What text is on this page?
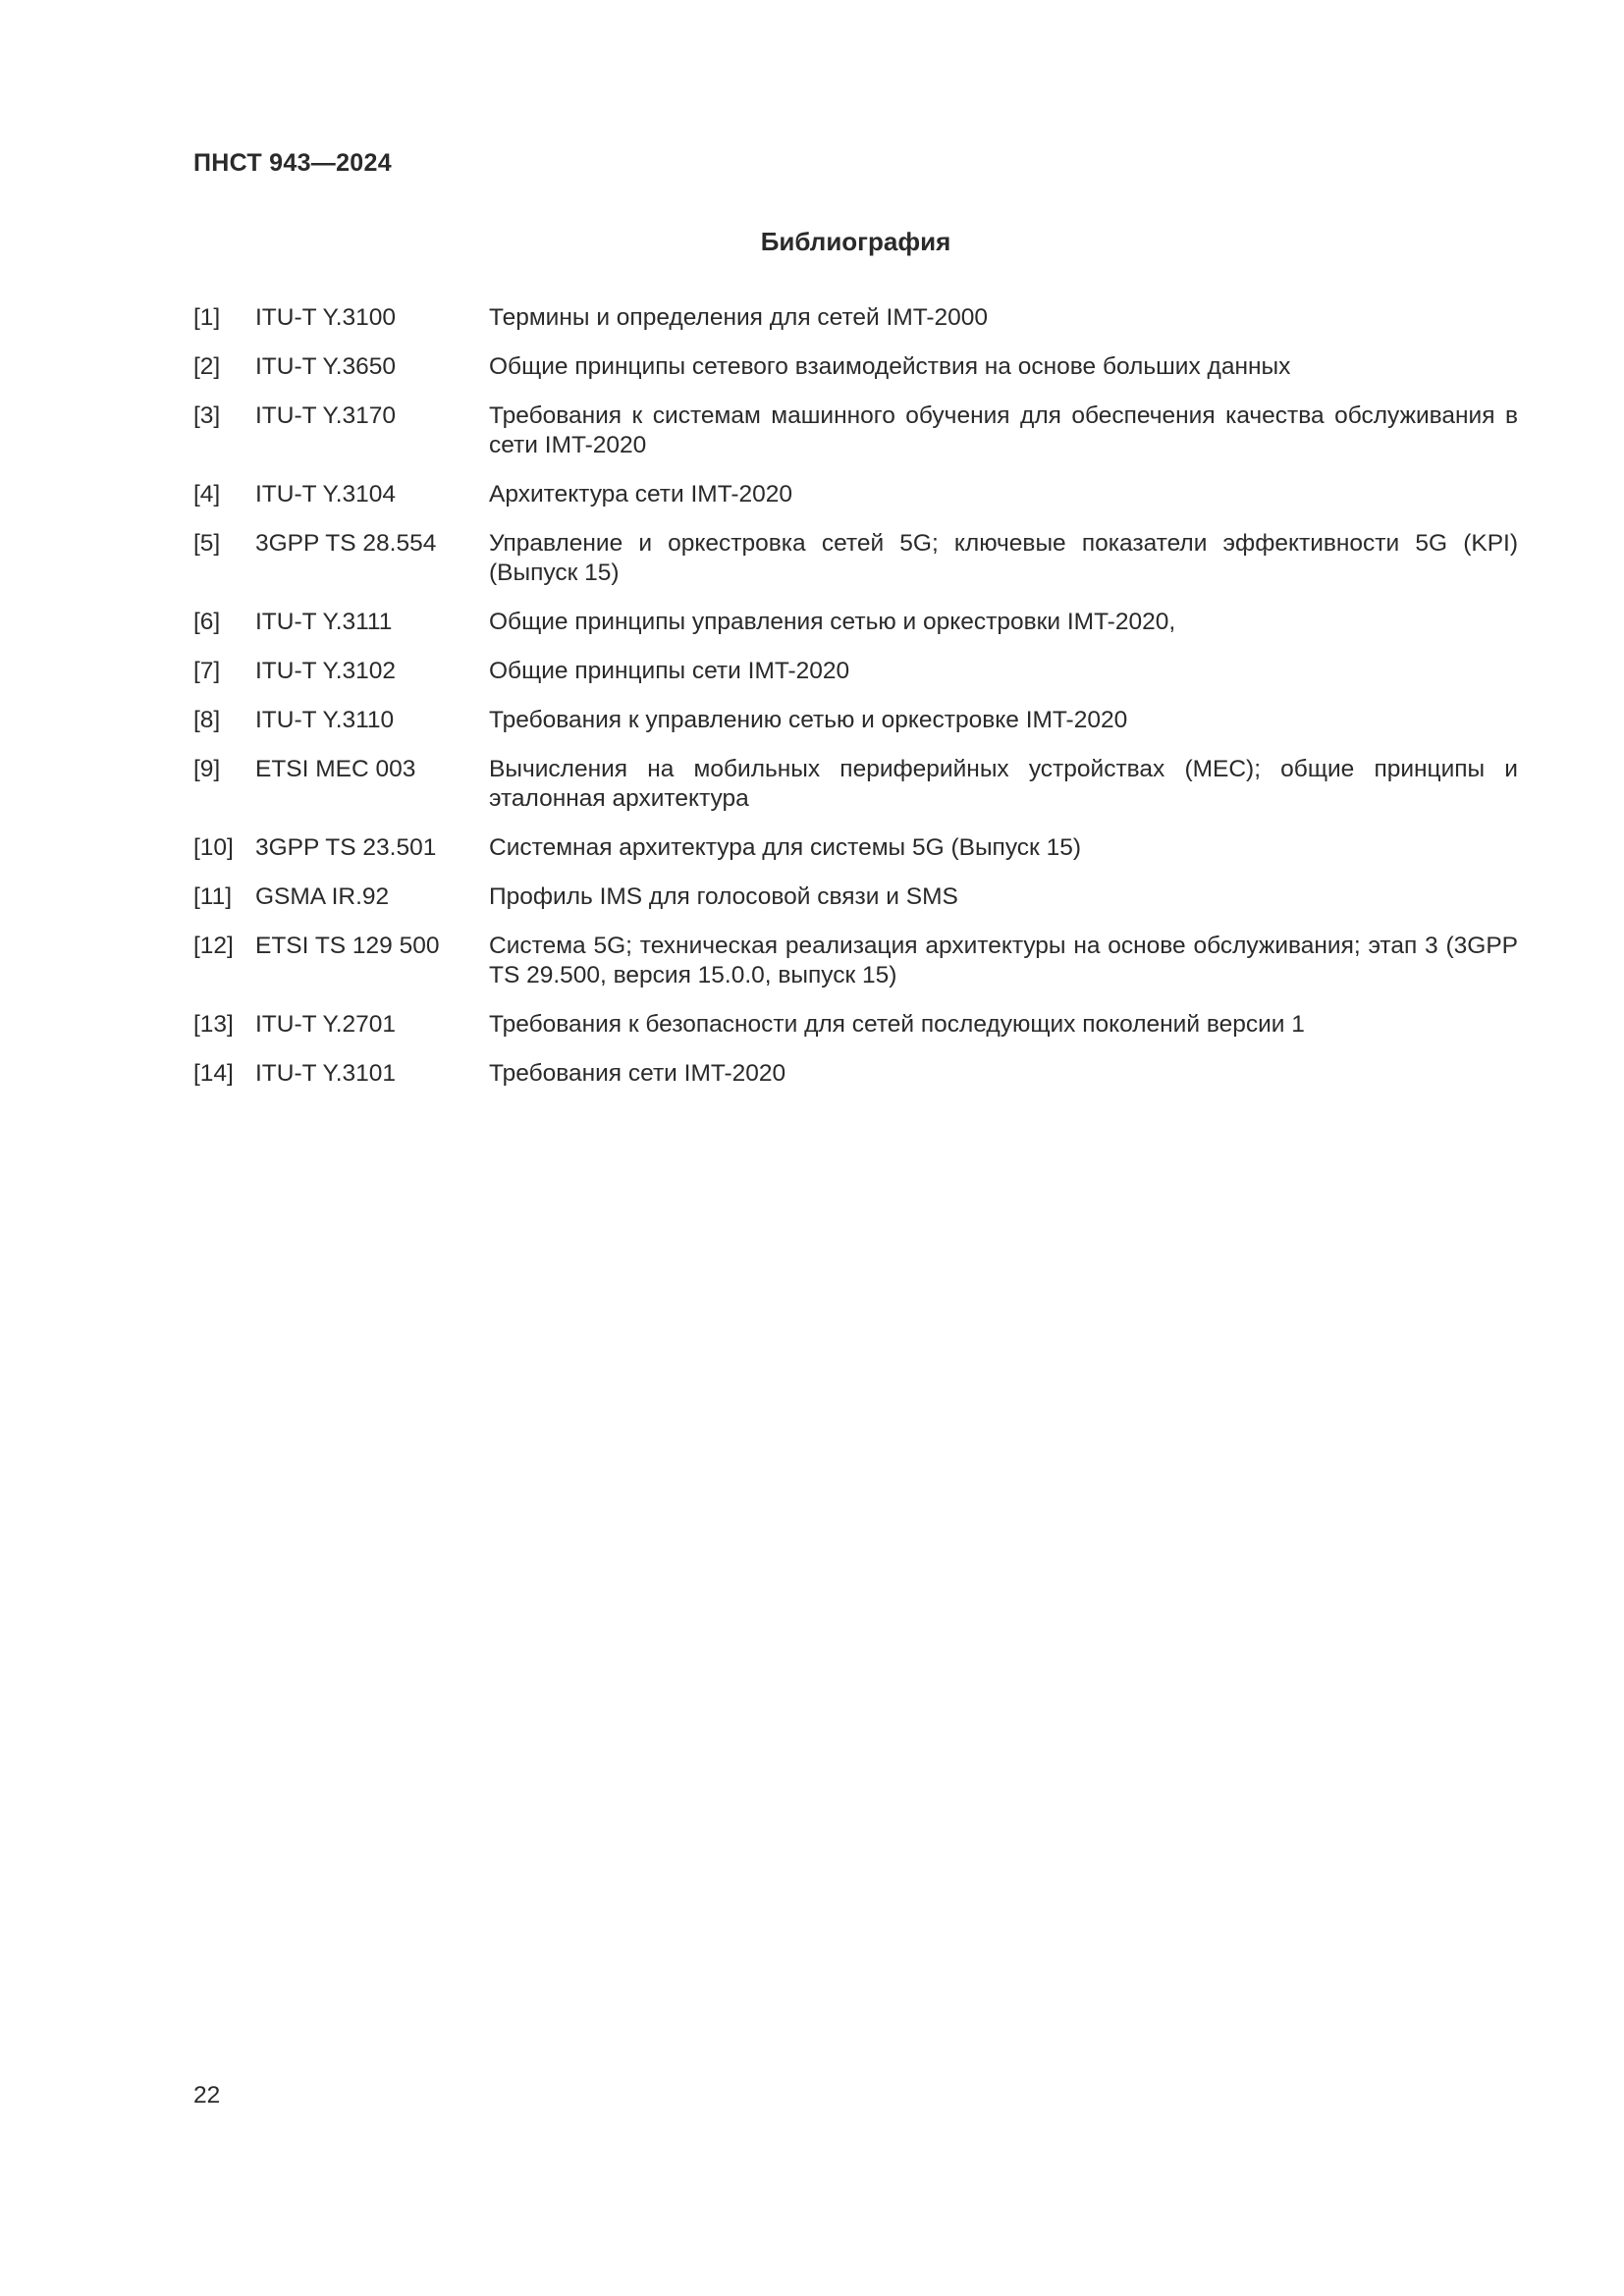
ПНСТ 943—2024
Библиография
[1]	ITU-T Y.3100	Термины и определения для сетей IMT-2000
[2]	ITU-T Y.3650	Общие принципы сетевого взаимодействия на основе больших данных
[3]	ITU-T Y.3170	Требования к системам машинного обучения для обеспечения качества обслуживания в сети IMT-2020
[4]	ITU-T Y.3104	Архитектура сети IMT-2020
[5]	3GPP TS 28.554	Управление и оркестровка сетей 5G; ключевые показатели эффективности 5G (KPI) (Выпуск 15)
[6]	ITU-T Y.3111	Общие принципы управления сетью и оркестровки IMT-2020,
[7]	ITU-T Y.3102	Общие принципы сети IMT-2020
[8]	ITU-T Y.3110	Требования к управлению сетью и оркестровке IMT-2020
[9]	ETSI MEC 003	Вычисления на мобильных периферийных устройствах (МЕС); общие принципы и эталонная архитектура
[10] 3GPP TS 23.501	Системная архитектура для системы 5G (Выпуск 15)
[11] GSMA IR.92	Профиль IMS для голосовой связи и SMS
[12] ETSI TS 129 500	Система 5G; техническая реализация архитектуры на основе обслуживания; этап 3 (3GPP TS 29.500, версия 15.0.0, выпуск 15)
[13] ITU-T Y.2701	Требования к безопасности для сетей последующих поколений версии 1
[14] ITU-T Y.3101	Требования сети IMT-2020
22
